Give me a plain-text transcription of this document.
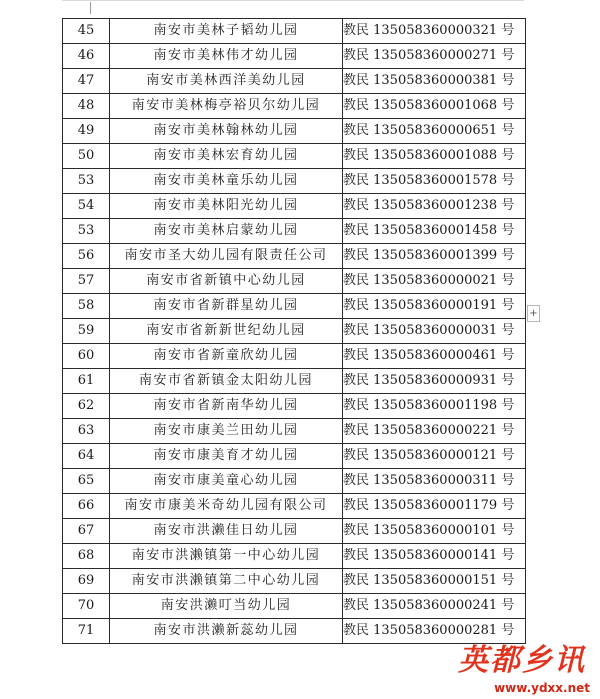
45	南安市美林子韬幼儿园	教民 135058360000321 号
46	南安市美林伟才幼儿园	教民 135058360000271 号
47	南安市美林西洋美幼儿园	教民 135058360000381 号
48	南安市美林梅亭裕贝尔幼儿园	教民 135058360001068 号
49	南安市美林翰林幼儿园	教民 135058360000651 号
50	南安市美林宏育幼儿园	教民 135058360001088 号
53	南安市美林童乐幼儿园	教民 135058360001578 号
54	南安市美林阳光幼儿园	教民 135058360001238 号
53	南安市美林启蒙幼儿园	教民 135058360001458 号
56	南安市圣大幼儿园有限责任公司	教民 135058360001399 号
57	南安市省新镇中心幼儿园	教民 135058360000021 号
58	南安市省新群星幼儿园	教民 135058360000191 号
59	南安市省新新世纪幼儿园	教民 135058360000031 号
60	南安市省新童欣幼儿园	教民 135058360000461 号
61	南安市省新镇金太阳幼儿园	教民 135058360000931 号
62	南安市省新南华幼儿园	教民 135058360001198 号
63	南安市康美兰田幼儿园	教民 135058360000221 号
64	南安市康美育才幼儿园	教民 135058360000121 号
65	南安市康美童心幼儿园	教民 135058360000311 号
66	南安市康美米奇幼儿园有限公司	教民 135058360001179 号
67	南安市洪濑佳日幼儿园	教民 135058360000101 号
68	南安市洪濑镇第一中心幼儿园	教民 135058360000141 号
69	南安市洪濑镇第二中心幼儿园	教民 135058360000151 号
70	南安洪濑叮当幼儿园	教民 135058360000241 号
71	南安市洪濑新蕊幼儿园	教民 135058360000281 号
+
英都乡讯
www.ydxx.net
